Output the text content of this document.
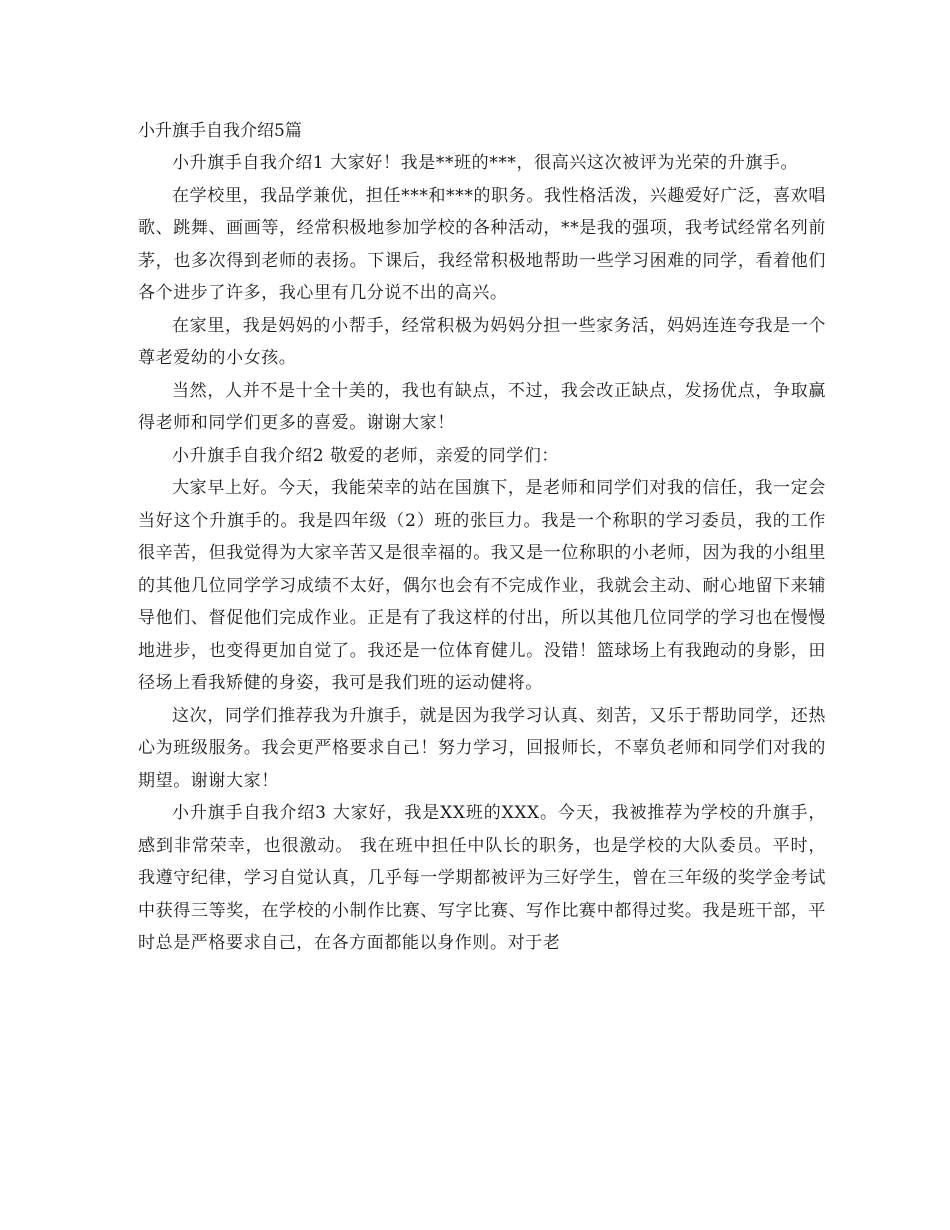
小升旗手自我介绍5篇

小升旗手自我介绍1 大家好！我是**班的***，很高兴这次被评为光荣的升旗手。

在学校里，我品学兼优，担任***和***的职务。我性格活泼，兴趣爱好广泛，喜欢唱歌、跳舞、画画等，经常积极地参加学校的各种活动，**是我的强项，我考试经常名列前茅，也多次得到老师的表扬。下课后，我经常积极地帮助一些学习困难的同学，看着他们各个进步了许多，我心里有几分说不出的高兴。

在家里，我是妈妈的小帮手，经常积极为妈妈分担一些家务活，妈妈连连夸我是一个尊老爱幼的小女孩。

当然，人并不是十全十美的，我也有缺点，不过，我会改正缺点，发扬优点，争取赢得老师和同学们更多的喜爱。谢谢大家！

小升旗手自我介绍2 敬爱的老师，亲爱的同学们：

大家早上好。今天，我能荣幸的站在国旗下，是老师和同学们对我的信任，我一定会当好这个升旗手的。我是四年级（2）班的张巨力。我是一个称职的学习委员，我的工作很辛苦，但我觉得为大家辛苦又是很幸福的。我又是一位称职的小老师，因为我的小组里的其他几位同学学习成绩不太好，偶尔也会有不完成作业，我就会主动、耐心地留下来辅导他们、督促他们完成作业。正是有了我这样的付出，所以其他几位同学的学习也在慢慢地进步，也变得更加自觉了。我还是一位体育健儿。没错！篮球场上有我跑动的身影，田径场上看我矫健的身姿，我可是我们班的运动健将。

这次，同学们推荐我为升旗手，就是因为我学习认真、刻苦，又乐于帮助同学，还热心为班级服务。我会更严格要求自己！努力学习，回报师长，不辜负老师和同学们对我的期望。谢谢大家！

小升旗手自我介绍3 大家好，我是XX班的XXX。今天，我被推荐为学校的升旗手，感到非常荣幸，也很激动。 我在班中担任中队长的职务，也是学校的大队委员。平时，我遵守纪律，学习自觉认真，几乎每一学期都被评为三好学生，曾在三年级的奖学金考试中获得三等奖，在学校的小制作比赛、写字比赛、写作比赛中都得过奖。我是班干部，平时总是严格要求自己，在各方面都能以身作则。对于老
